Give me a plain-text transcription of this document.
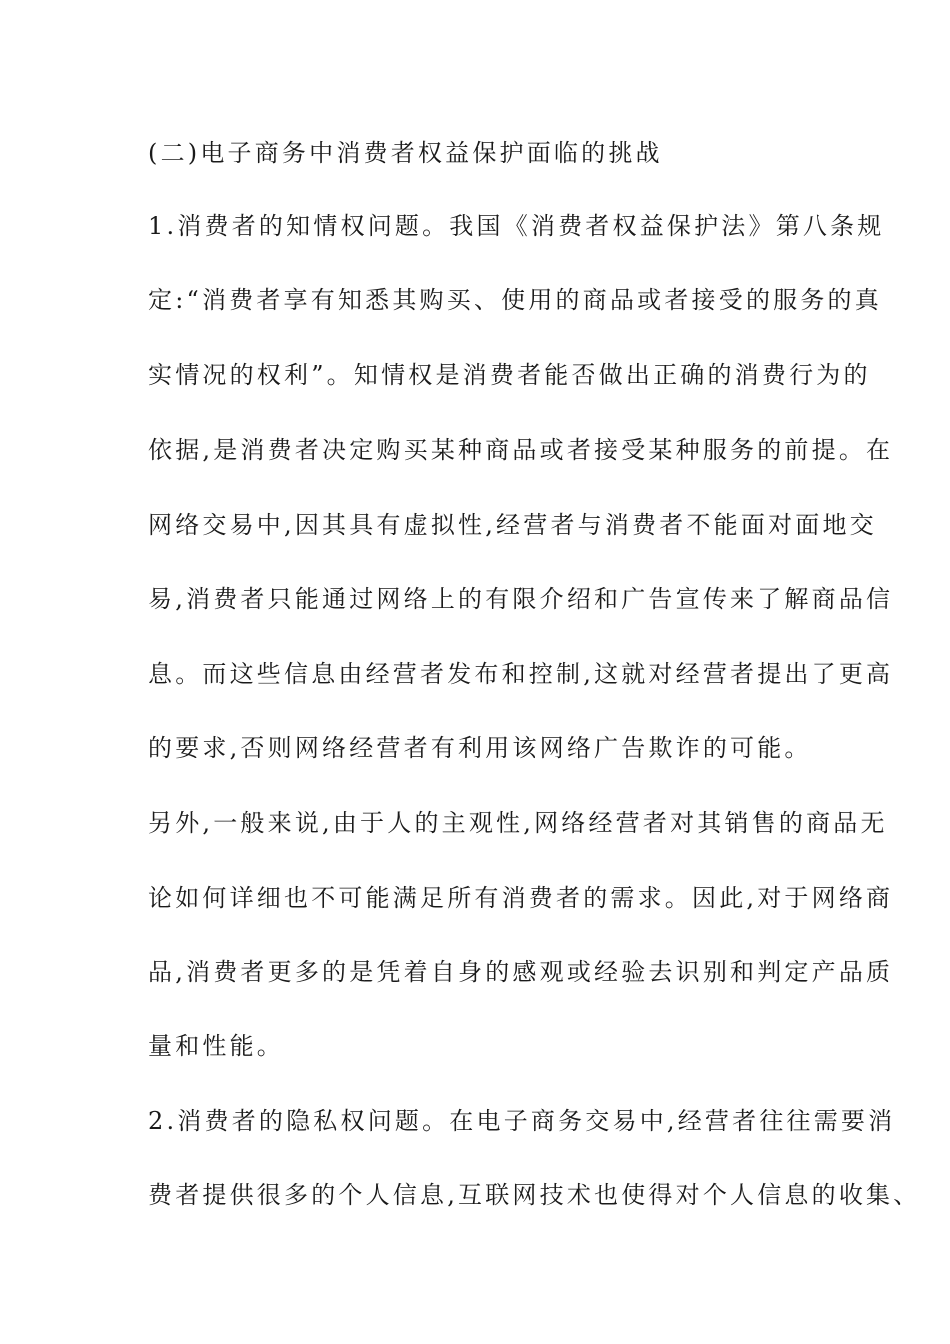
(二)电子商务中消费者权益保护面临的挑战
1.消费者的知情权问题。我国《消费者权益保护法》第八条规
定:“消费者享有知悉其购买、使用的商品或者接受的服务的真
实情况的权利”。知情权是消费者能否做出正确的消费行为的
依据,是消费者决定购买某种商品或者接受某种服务的前提。在
网络交易中,因其具有虚拟性,经营者与消费者不能面对面地交
易,消费者只能通过网络上的有限介绍和广告宣传来了解商品信
息。而这些信息由经营者发布和控制,这就对经营者提出了更高
的要求,否则网络经营者有利用该网络广告欺诈的可能。
另外,一般来说,由于人的主观性,网络经营者对其销售的商品无
论如何详细也不可能满足所有消费者的需求。因此,对于网络商
品,消费者更多的是凭着自身的感观或经验去识别和判定产品质
量和性能。
2.消费者的隐私权问题。在电子商务交易中,经营者往往需要消
费者提供很多的个人信息,互联网技术也使得对个人信息的收集、
